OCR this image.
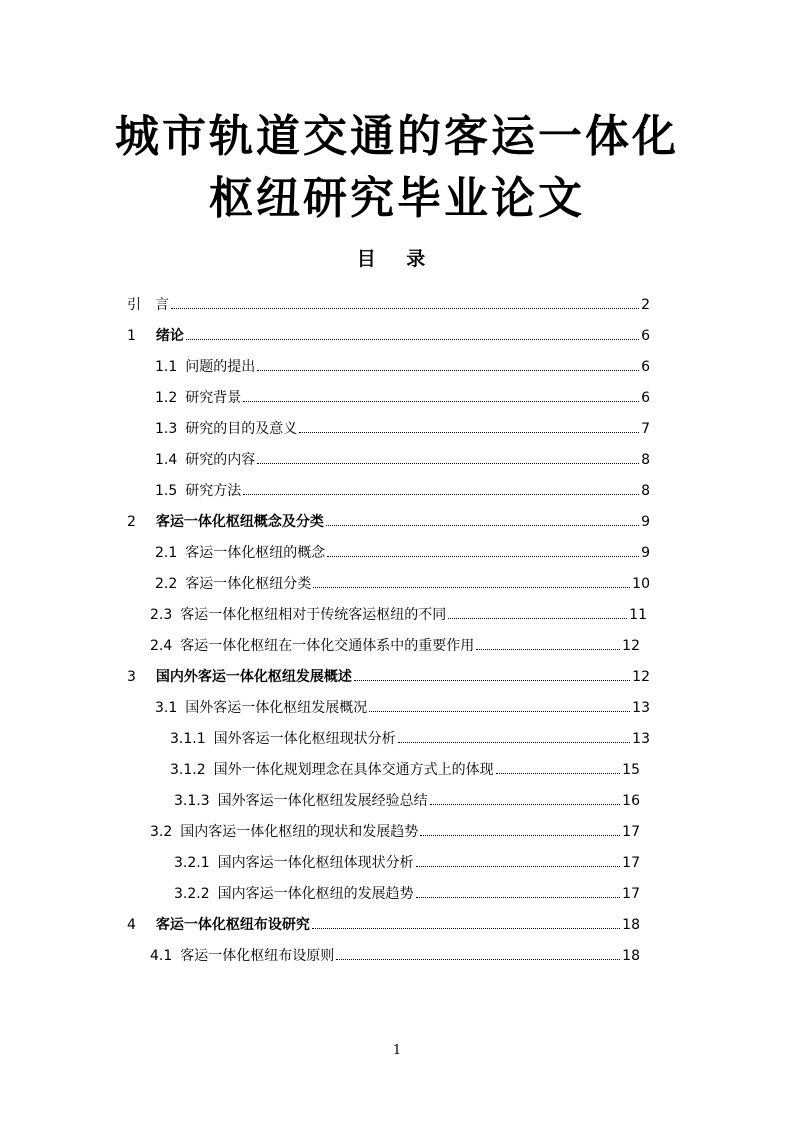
城市轨道交通的客运一体化
枢纽研究毕业论文
目 录
引　言	2
1 绪论	6
1.1 问题的提出	6
1.2 研究背景	6
1.3 研究的目的及意义	7
1.4 研究的内容	8
1.5 研究方法	8
2 客运一体化枢纽概念及分类	9
2.1 客运一体化枢纽的概念	9
2.2 客运一体化枢纽分类	10
2.3 客运一体化枢纽相对于传统客运枢纽的不同	11
2.4 客运一体化枢纽在一体化交通体系中的重要作用	12
3 国内外客运一体化枢纽发展概述	12
3.1 国外客运一体化枢纽发展概况	13
3.1.1 国外客运一体化枢纽现状分析	13
3.1.2 国外一体化规划理念在具体交通方式上的体现	15
3.1.3 国外客运一体化枢纽发展经验总结	16
3.2 国内客运一体化枢纽的现状和发展趋势	17
3.2.1 国内客运一体化枢纽体现状分析	17
3.2.2 国内客运一体化枢纽的发展趋势	17
4 客运一体化枢纽布设研究	18
4.1 客运一体化枢纽布设原则	18
1
